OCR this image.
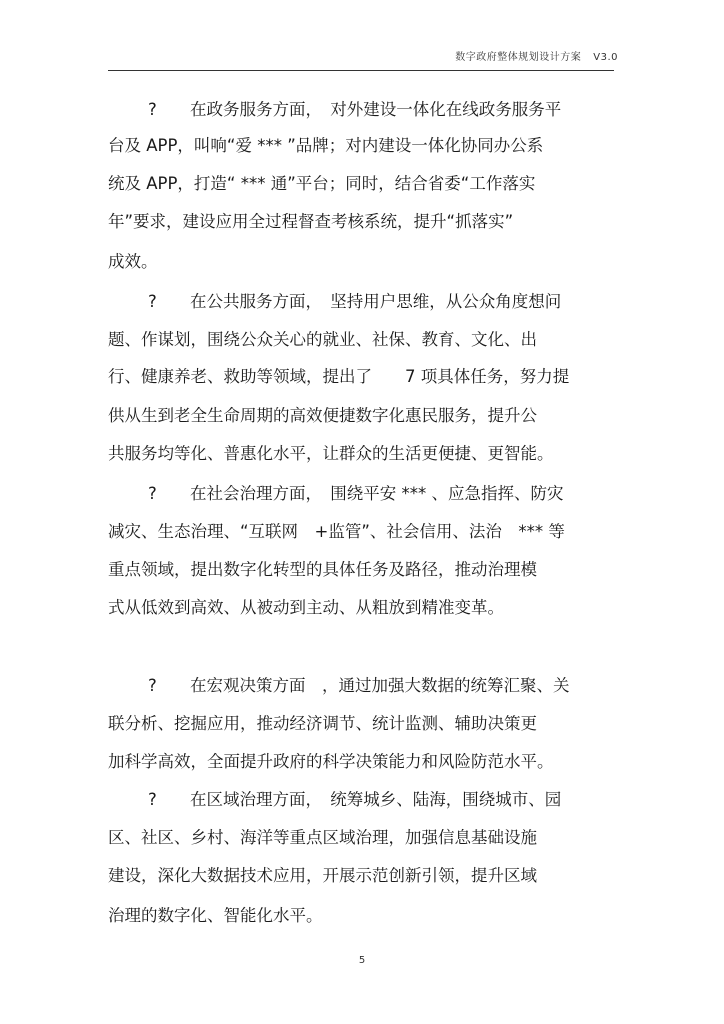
数字政府整体规划设计方案 V3.0
? 在政务服务方面，　对外建设一体化在线政务服务平
台及 APP，叫响“爱 *** ”品牌；对内建设一体化协同办公系
统及 APP，打造“ *** 通”平台；同时，结合省委“工作落实
年”要求，建设应用全过程督查考核系统，提升“抓落实”
成效。
? 在公共服务方面，　坚持用户思维，从公众角度想问
题、作谋划，围绕公众关心的就业、社保、教育、文化、出
行、健康养老、救助等领域，提出了　　7 项具体任务，努力提
供从生到老全生命周期的高效便捷数字化惠民服务，提升公
共服务均等化、普惠化水平，让群众的生活更便捷、更智能。
? 在社会治理方面，　围绕平安 *** 、应急指挥、防灾
减灾、生态治理、“互联网　+监管”、社会信用、法治　*** 等
重点领域，提出数字化转型的具体任务及路径，推动治理模
式从低效到高效、从被动到主动、从粗放到精准变革。
? 在宏观决策方面　，通过加强大数据的统筹汇聚、关
联分析、挖掘应用，推动经济调节、统计监测、辅助决策更
加科学高效，全面提升政府的科学决策能力和风险防范水平。
? 在区域治理方面，　统筹城乡、陆海，围绕城市、园
区、社区、乡村、海洋等重点区域治理，加强信息基础设施
建设，深化大数据技术应用，开展示范创新引领，提升区域
治理的数字化、智能化水平。
5
